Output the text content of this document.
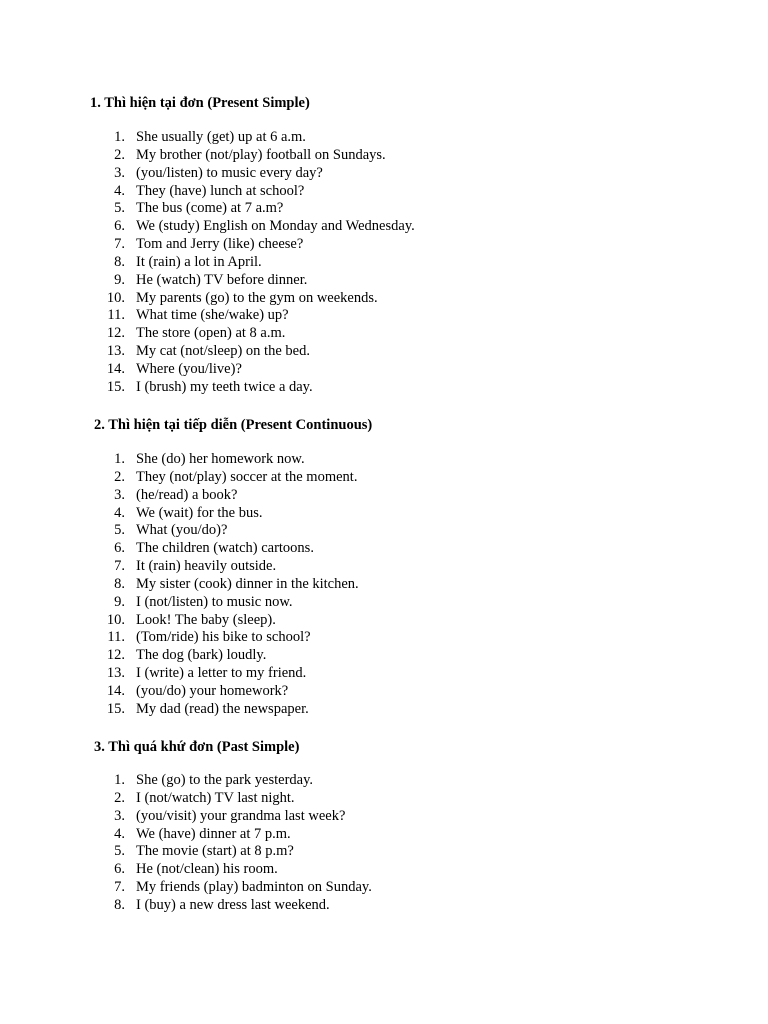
1. Thì hiện tại đơn (Present Simple)
1. She usually (get) up at 6 a.m.
2. My brother (not/play) football on Sundays.
3. (you/listen) to music every day?
4. They (have) lunch at school?
5. The bus (come) at 7 a.m?
6. We (study) English on Monday and Wednesday.
7. Tom and Jerry (like) cheese?
8. It (rain) a lot in April.
9. He (watch) TV before dinner.
10. My parents (go) to the gym on weekends.
11. What time (she/wake) up?
12. The store (open) at 8 a.m.
13. My cat (not/sleep) on the bed.
14. Where (you/live)?
15. I (brush) my teeth twice a day.
2. Thì hiện tại tiếp diễn (Present Continuous)
1. She (do) her homework now.
2. They (not/play) soccer at the moment.
3. (he/read) a book?
4. We (wait) for the bus.
5. What (you/do)?
6. The children (watch) cartoons.
7. It (rain) heavily outside.
8. My sister (cook) dinner in the kitchen.
9. I (not/listen) to music now.
10. Look! The baby (sleep).
11. (Tom/ride) his bike to school?
12. The dog (bark) loudly.
13. I (write) a letter to my friend.
14. (you/do) your homework?
15. My dad (read) the newspaper.
3. Thì quá khứ đơn (Past Simple)
1. She (go) to the park yesterday.
2. I (not/watch) TV last night.
3. (you/visit) your grandma last week?
4. We (have) dinner at 7 p.m.
5. The movie (start) at 8 p.m?
6. He (not/clean) his room.
7. My friends (play) badminton on Sunday.
8. I (buy) a new dress last weekend.
